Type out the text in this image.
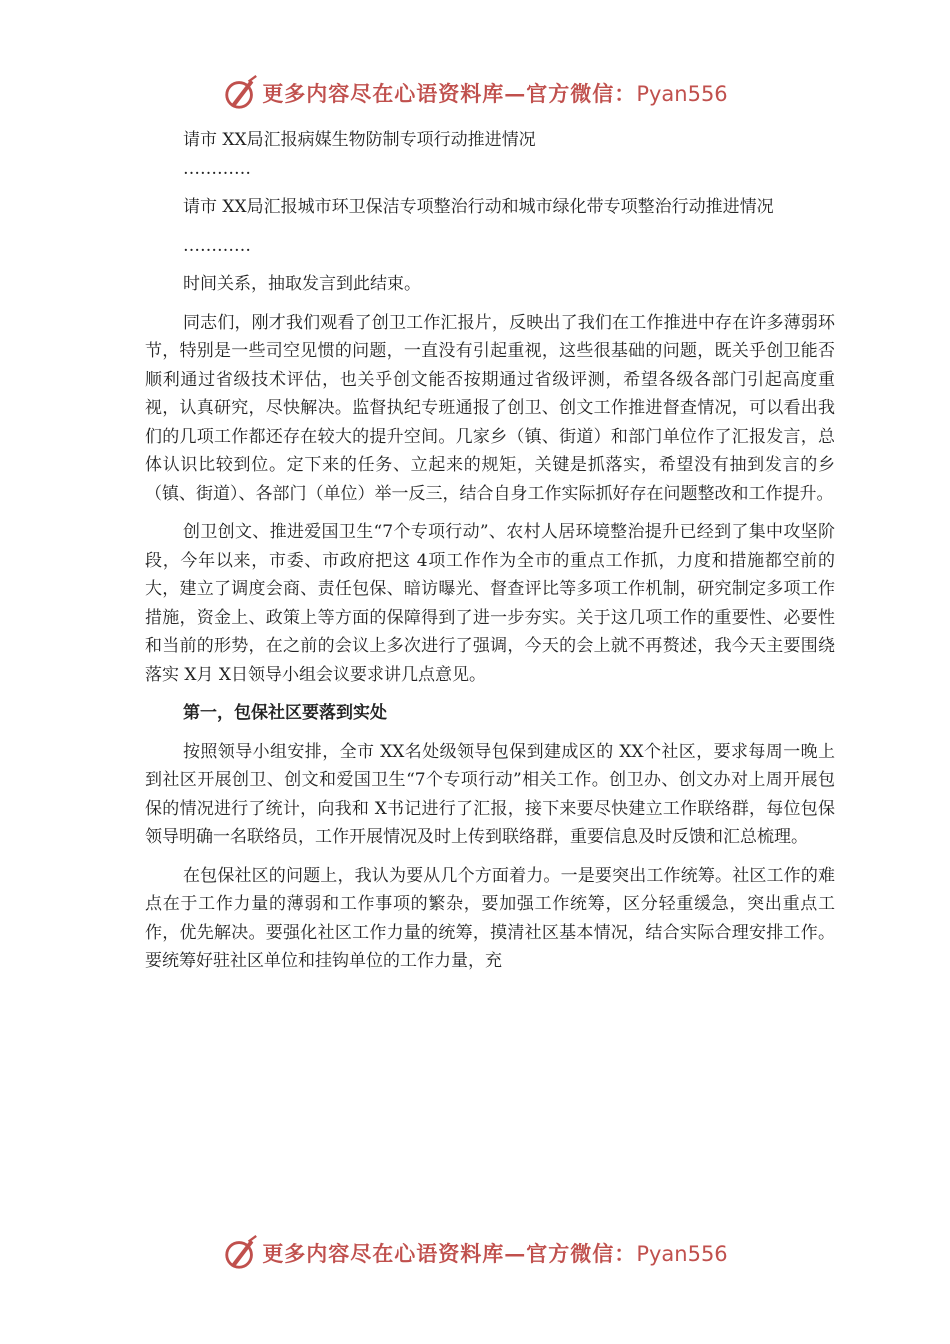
更多内容尽在心语资料库—官方微信：Pyan556

请市 XX局汇报病媒生物防制专项行动推进情况

…………

请市 XX局汇报城市环卫保洁专项整治行动和城市绿化带专项整治行动推进情况

…………

时间关系，抽取发言到此结束。

同志们，刚才我们观看了创卫工作汇报片，反映出了我们在工作推进中存在许多薄弱环节，特别是一些司空见惯的问题，一直没有引起重视，这些很基础的问题，既关乎创卫能否顺利通过省级技术评估，也关乎创文能否按期通过省级评测，希望各级各部门引起高度重视，认真研究，尽快解决。监督执纪专班通报了创卫、创文工作推进督查情况，可以看出我们的几项工作都还存在较大的提升空间。几家乡（镇、街道）和部门单位作了汇报发言，总体认识比较到位。定下来的任务、立起来的规矩，关键是抓落实，希望没有抽到发言的乡（镇、街道）、各部门（单位）举一反三，结合自身工作实际抓好存在问题整改和工作提升。

创卫创文、推进爱国卫生“7个专项行动”、农村人居环境整治提升已经到了集中攻坚阶段，今年以来，市委、市政府把这 4项工作作为全市的重点工作抓，力度和措施都空前的大，建立了调度会商、责任包保、暗访曝光、督查评比等多项工作机制，研究制定多项工作措施，资金上、政策上等方面的保障得到了进一步夯实。关于这几项工作的重要性、必要性和当前的形势，在之前的会议上多次进行了强调，今天的会上就不再赘述，我今天主要围绕落实 X月 X日领导小组会议要求讲几点意见。

第一，包保社区要落到实处

按照领导小组安排，全市 XX名处级领导包保到建成区的 XX个社区，要求每周一晚上到社区开展创卫、创文和爱国卫生“7个专项行动”相关工作。创卫办、创文办对上周开展包保的情况进行了统计，向我和 X书记进行了汇报，接下来要尽快建立工作联络群，每位包保领导明确一名联络员，工作开展情况及时上传到联络群，重要信息及时反馈和汇总梳理。

在包保社区的问题上，我认为要从几个方面着力。一是要突出工作统筹。社区工作的难点在于工作力量的薄弱和工作事项的繁杂，要加强工作统筹，区分轻重缓急，突出重点工作，优先解决。要强化社区工作力量的统筹，摸清社区基本情况，结合实际合理安排工作。要统筹好驻社区单位和挂钩单位的工作力量，充

更多内容尽在心语资料库—官方微信：Pyan556
